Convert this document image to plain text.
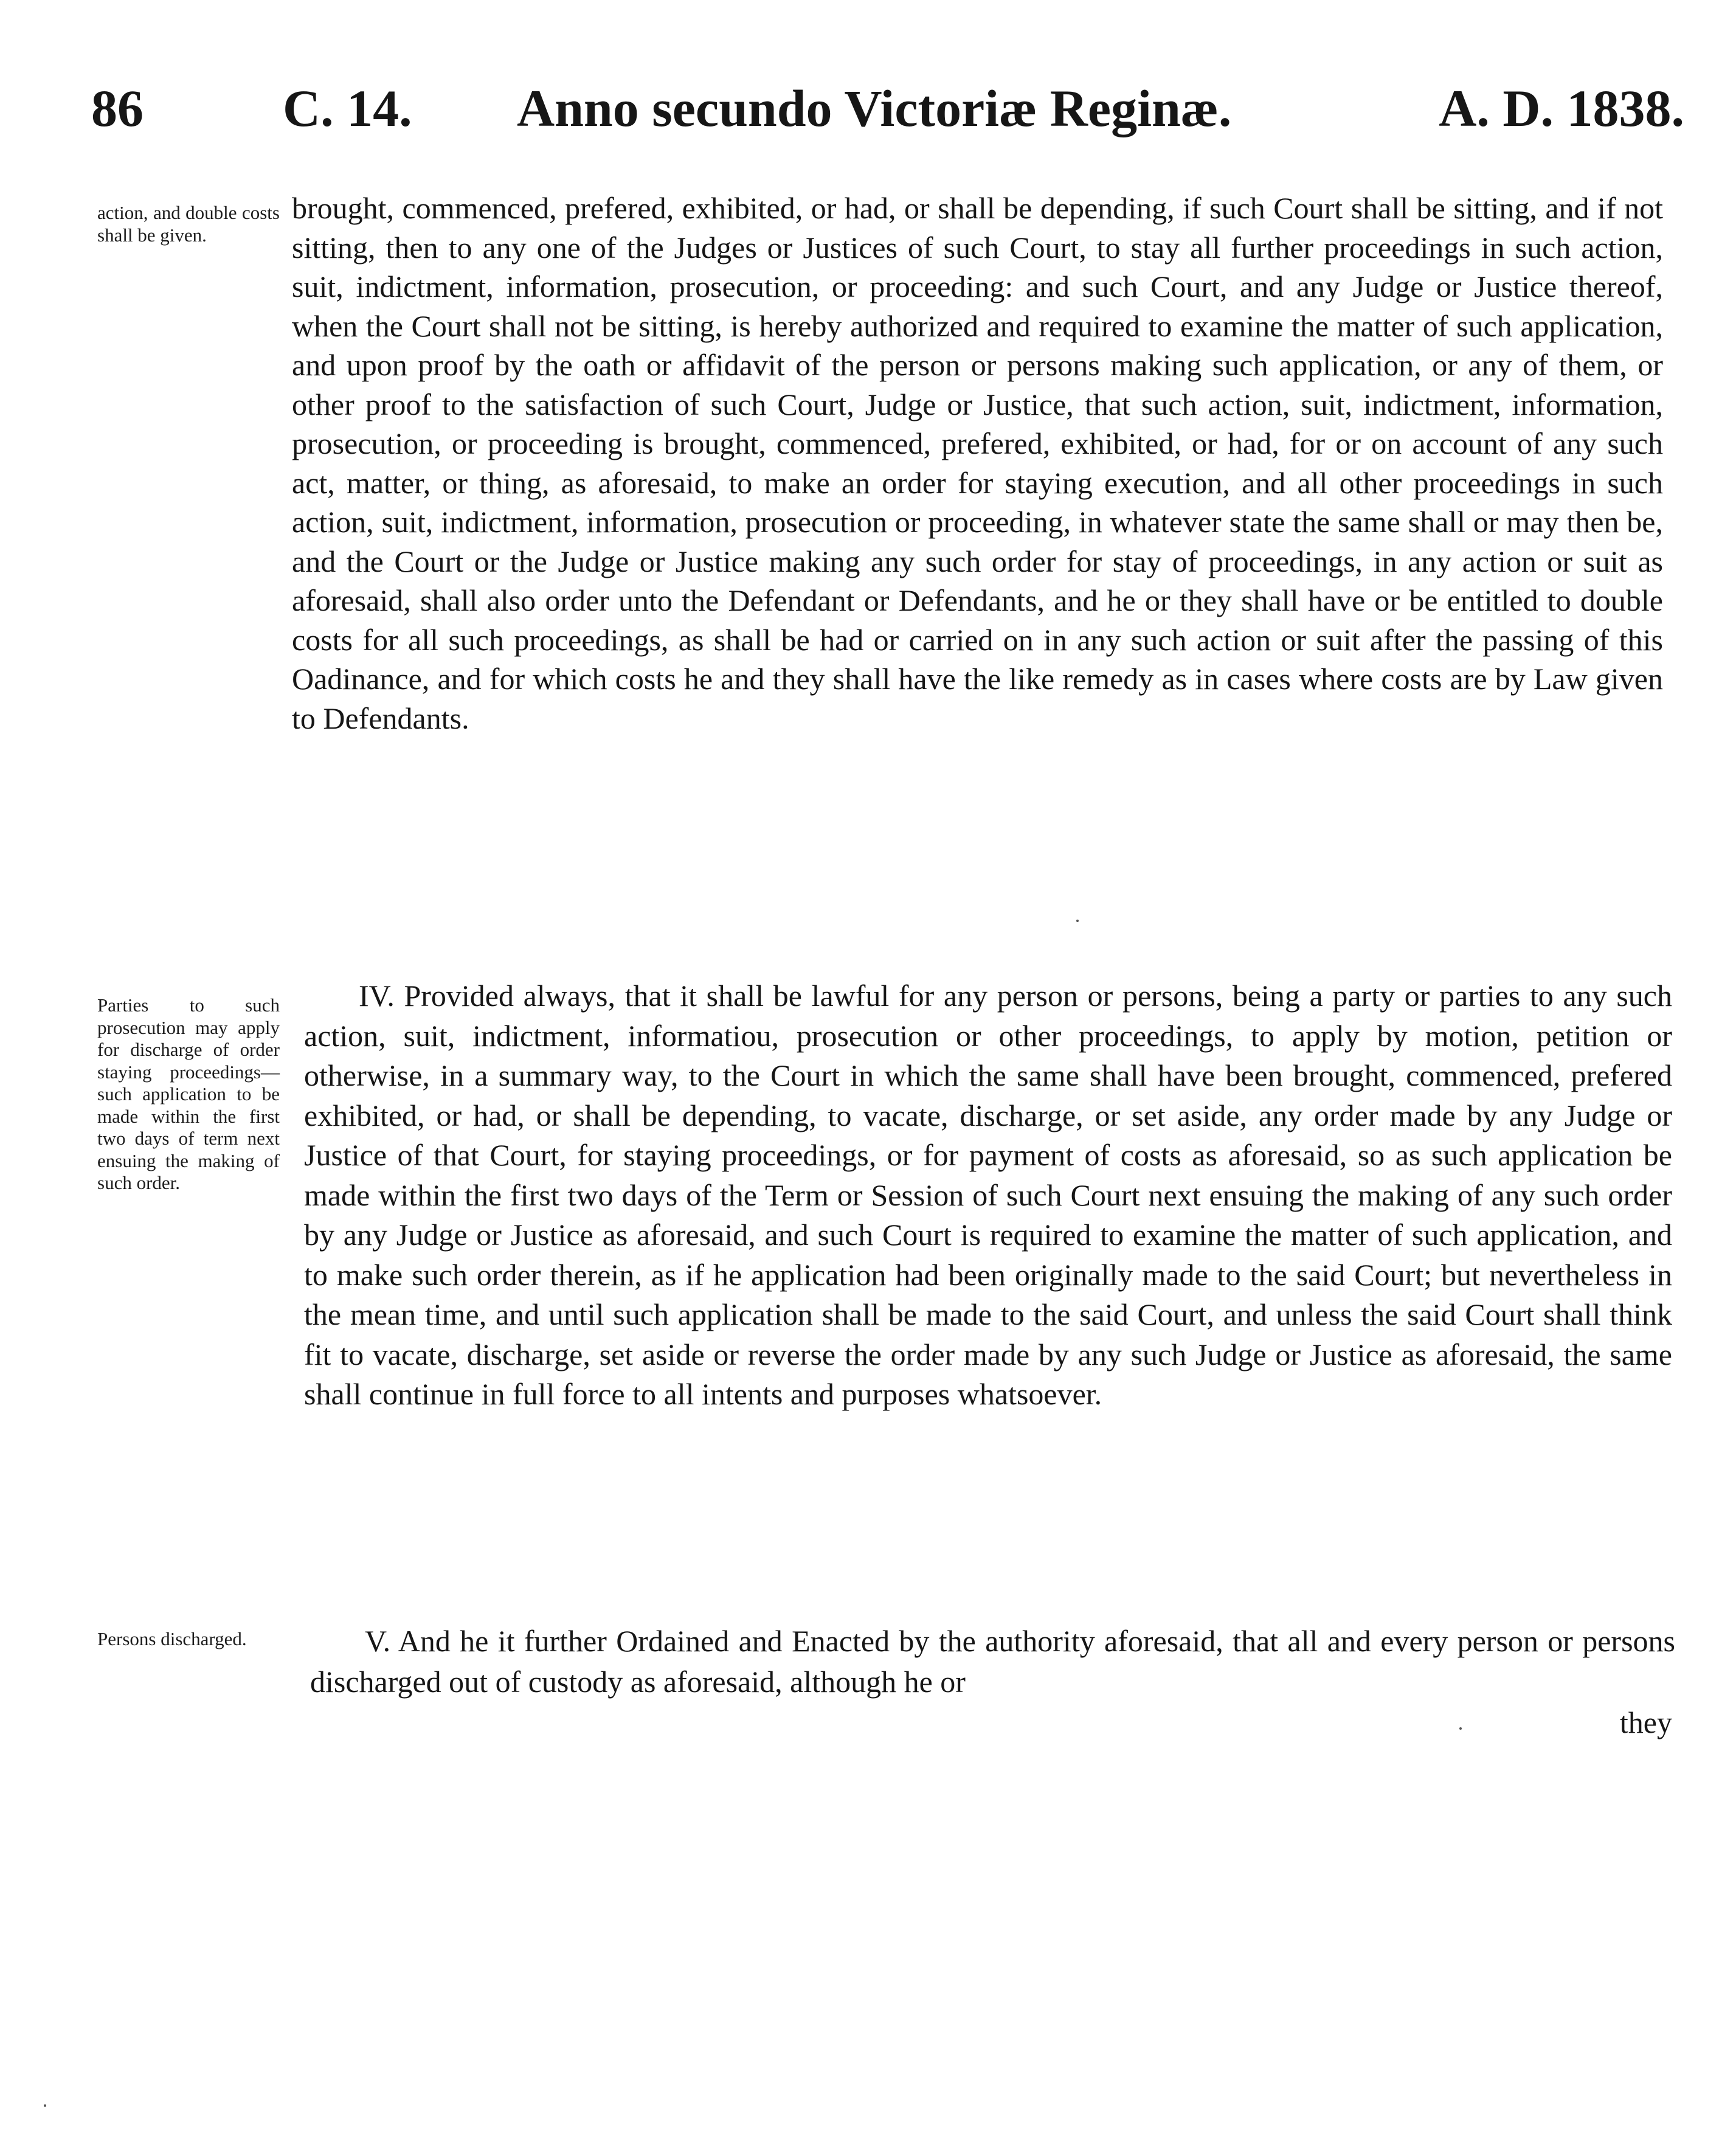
86	C. 14. Anno secundo Victoriæ Reginæ.	A. D. 1838.
action, and double costs shall be given.
brought, commenced, prefered, exhibited, or had, or shall be depending, if such Court shall be sitting, and if not sitting, then to any one of the Judges or Justices of such Court, to stay all further proceedings in such action, suit, indictment, information, prosecution, or proceeding: and such Court, and any Judge or Justice thereof, when the Court shall not be sitting, is hereby authorized and required to examine the matter of such application, and upon proof by the oath or affidavit of the person or persons making such application, or any of them, or other proof to the satisfaction of such Court, Judge or Justice, that such action, suit, indictment, information, prosecution, or proceeding is brought, commenced, prefered, exhibited, or had, for or on account of any such act, matter, or thing, as aforesaid, to make an order for staying execution, and all other proceedings in such action, suit, indictment, information, prosecution or proceeding, in whatever state the same shall or may then be, and the Court or the Judge or Justice making any such order for stay of proceedings, in any action or suit as aforesaid, shall also order unto the Defendant or Defendants, and he or they shall have or be entitled to double costs for all such proceedings, as shall be had or carried on in any such action or suit after the passing of this Oadinance, and for which costs he and they shall have the like remedy as in cases where costs are by Law given to Defendants.
Parties to such prosecution may apply for discharge of order staying proceedings—such application to be made within the first two days of term next ensuing the making of such order.
IV. Provided always, that it shall be lawful for any person or persons, being a party or parties to any such action, suit, indictment, informatiou, prosecution or other proceedings, to apply by motion, petition or otherwise, in a summary way, to the Court in which the same shall have been brought, commenced, prefered exhibited, or had, or shall be depending, to vacate, discharge, or set aside, any order made by any Judge or Justice of that Court, for staying proceedings, or for payment of costs as aforesaid, so as such application be made within the first two days of the Term or Session of such Court next ensuing the making of any such order by any Judge or Justice as aforesaid, and such Court is required to examine the matter of such application, and to make such order therein, as if he application had been originally made to the said Court; but nevertheless in the mean time, and until such application shall be made to the said Court, and unless the said Court shall think fit to vacate, discharge, set aside or reverse the order made by any such Judge or Justice as aforesaid, the same shall continue in full force to all intents and purposes whatsoever.
Persons discharged.	V. And he it further Ordained and Enacted by the authority aforesaid, that all and every person or persons discharged out of custody as aforesaid, although he or
they
